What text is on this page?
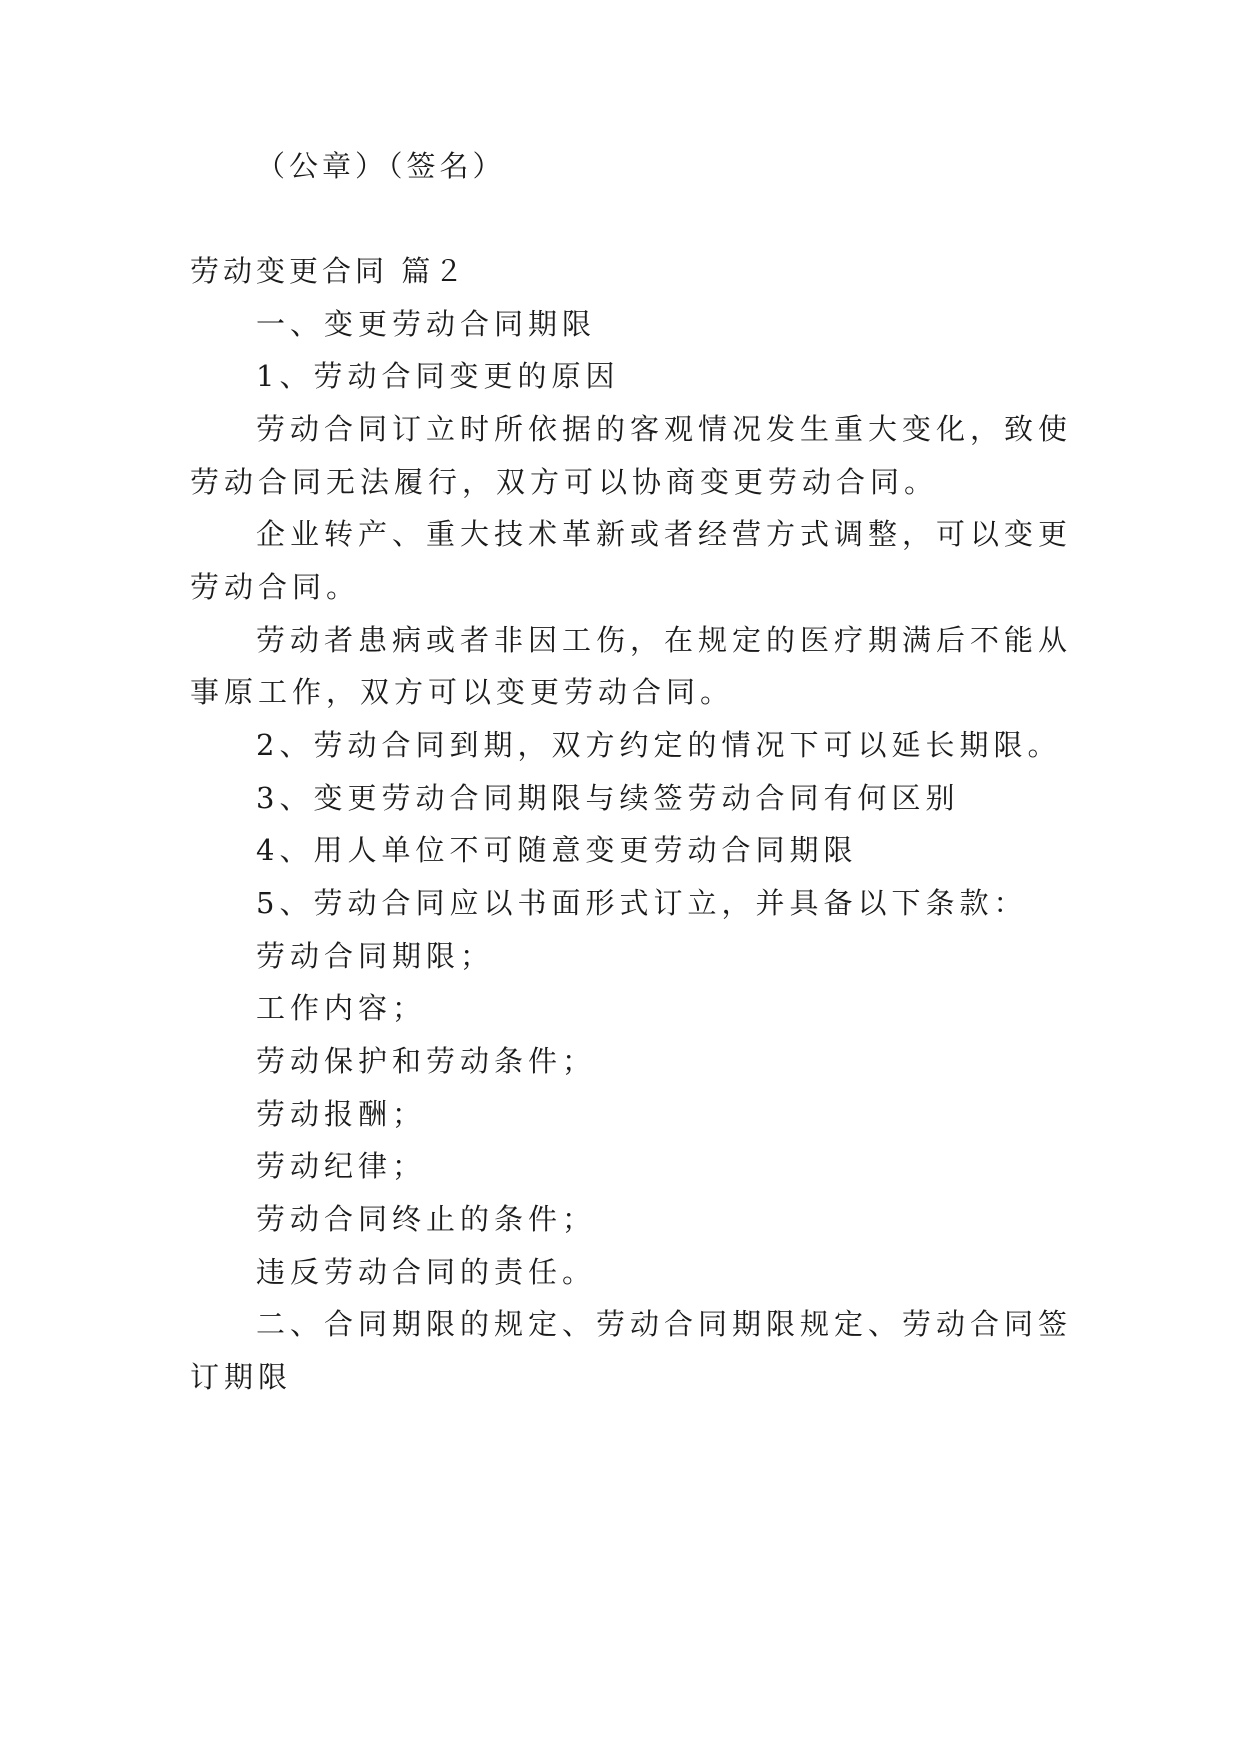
（公章）（签名）
劳动变更合同 篇２
一、变更劳动合同期限
1、劳动合同变更的原因
劳动合同订立时所依据的客观情况发生重大变化，致使
劳动合同无法履行，双方可以协商变更劳动合同。
企业转产、重大技术革新或者经营方式调整，可以变更
劳动合同。
劳动者患病或者非因工伤，在规定的医疗期满后不能从
事原工作，双方可以变更劳动合同。
2、劳动合同到期，双方约定的情况下可以延长期限。
3、变更劳动合同期限与续签劳动合同有何区别
4、用人单位不可随意变更劳动合同期限
5、劳动合同应以书面形式订立，并具备以下条款：
劳动合同期限；
工作内容；
劳动保护和劳动条件；
劳动报酬；
劳动纪律；
劳动合同终止的条件；
违反劳动合同的责任。
二、合同期限的规定、劳动合同期限规定、劳动合同签
订期限
